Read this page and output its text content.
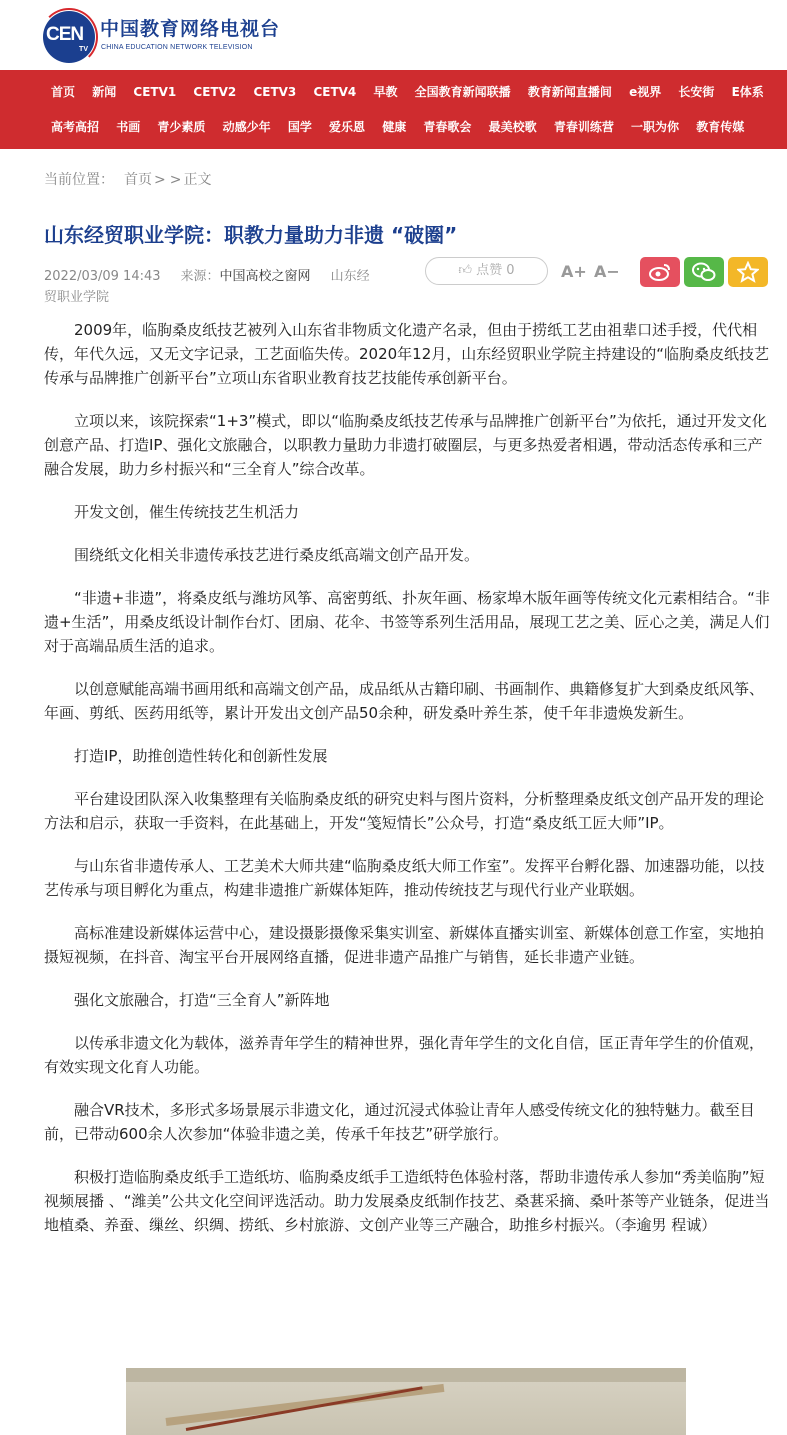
CEN
TV
中国教育网络电视台
CHINA EDUCATION NETWORK TELEVISION
首页 新闻 CETV1 CETV2 CETV3 CETV4 早教 全国教育新闻联播 教育新闻直播间 e视界 长安街 E体系
高考高招 书画 青少素质 动感少年 国学 爱乐恩 健康 青春歌会 最美校歌 青春训练营 一职为你 教育传媒
当前位置： 首页 > > 正文
山东经贸职业学院：职教力量助力非遗 “破圈”
2022/03/09 14:43 来源：中国高校之窗网 山东经
贸职业学院
👍︎ 点赞 0	A+ A−

2009年，临朐桑皮纸技艺被列入山东省非物质文化遗产名录，但由于捞纸工艺由祖辈口述手授，代代相传，年代久远，又无文字记录，工艺面临失传。2020年12月，山东经贸职业学院主持建设的“临朐桑皮纸技艺传承与品牌推广创新平台”立项山东省职业教育技艺技能传承创新平台。

立项以来，该院探索“1+3”模式，即以“临朐桑皮纸技艺传承与品牌推广创新平台”为依托，通过开发文化创意产品、打造IP、强化文旅融合，以职教力量助力非遗打破圈层，与更多热爱者相遇，带动活态传承和三产融合发展，助力乡村振兴和“三全育人”综合改革。

开发文创，催生传统技艺生机活力

围绕纸文化相关非遗传承技艺进行桑皮纸高端文创产品开发。

“非遗+非遗”，将桑皮纸与潍坊风筝、高密剪纸、扑灰年画、杨家埠木版年画等传统文化元素相结合。“非遗+生活”，用桑皮纸设计制作台灯、团扇、花伞、书签等系列生活用品，展现工艺之美、匠心之美，满足人们对于高端品质生活的追求。

以创意赋能高端书画用纸和高端文创产品，成品纸从古籍印刷、书画制作、典籍修复扩大到桑皮纸风筝、年画、剪纸、医药用纸等，累计开发出文创产品50余种，研发桑叶养生茶，使千年非遗焕发新生。

打造IP，助推创造性转化和创新性发展

平台建设团队深入收集整理有关临朐桑皮纸的研究史料与图片资料，分析整理桑皮纸文创产品开发的理论方法和启示，获取一手资料，在此基础上，开发“笺短情长”公众号，打造“桑皮纸工匠大师”IP。

与山东省非遗传承人、工艺美术大师共建“临朐桑皮纸大师工作室”。发挥平台孵化器、加速器功能，以技艺传承与项目孵化为重点，构建非遗推广新媒体矩阵，推动传统技艺与现代行业产业联姻。

高标准建设新媒体运营中心，建设摄影摄像采集实训室、新媒体直播实训室、新媒体创意工作室，实地拍摄短视频，在抖音、淘宝平台开展网络直播，促进非遗产品推广与销售，延长非遗产业链。

强化文旅融合，打造“三全育人”新阵地

以传承非遗文化为载体，滋养青年学生的精神世界，强化青年学生的文化自信，匡正青年学生的价值观，有效实现文化育人功能。

融合VR技术，多形式多场景展示非遗文化，通过沉浸式体验让青年人感受传统文化的独特魅力。截至目前，已带动600余人次参加“体验非遗之美，传承千年技艺”研学旅行。

积极打造临朐桑皮纸手工造纸坊、临朐桑皮纸手工造纸特色体验村落，帮助非遗传承人参加“秀美临朐”短视频展播 、“潍美”公共文化空间评选活动。助力发展桑皮纸制作技艺、桑葚采摘、桑叶茶等产业链条，促进当地植桑、养蚕、缫丝、织绸、捞纸、乡村旅游、文创产业等三产融合，助推乡村振兴。（李逾男 程诚）
